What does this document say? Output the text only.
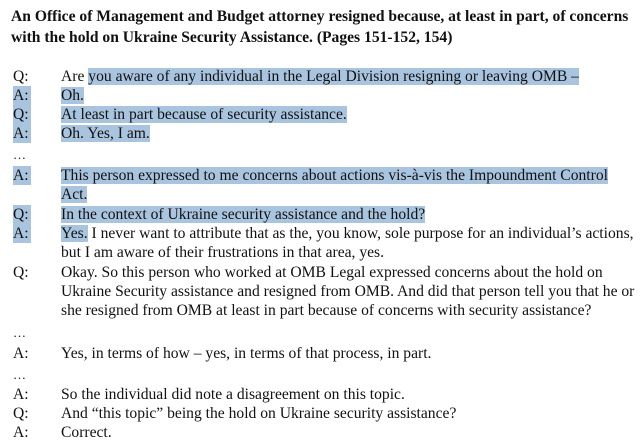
An Office of Management and Budget attorney resigned because, at least in part, of concerns with the hold on Ukraine Security Assistance. (Pages 151-152, 154)
Q: Are you aware of any individual in the Legal Division resigning or leaving OMB –
A: Oh.
Q: At least in part because of security assistance.
A: Oh. Yes, I am.
…
A: This person expressed to me concerns about actions vis-à-vis the Impoundment Control Act.
Q: In the context of Ukraine security assistance and the hold?
A: Yes. I never want to attribute that as the, you know, sole purpose for an individual’s actions, but I am aware of their frustrations in that area, yes.
Q: Okay. So this person who worked at OMB Legal expressed concerns about the hold on Ukraine Security assistance and resigned from OMB. And did that person tell you that he or she resigned from OMB at least in part because of concerns with security assistance?
…
A: Yes, in terms of how – yes, in terms of that process, in part.
…
A: So the individual did note a disagreement on this topic.
Q: And “this topic” being the hold on Ukraine security assistance?
A: Correct.
